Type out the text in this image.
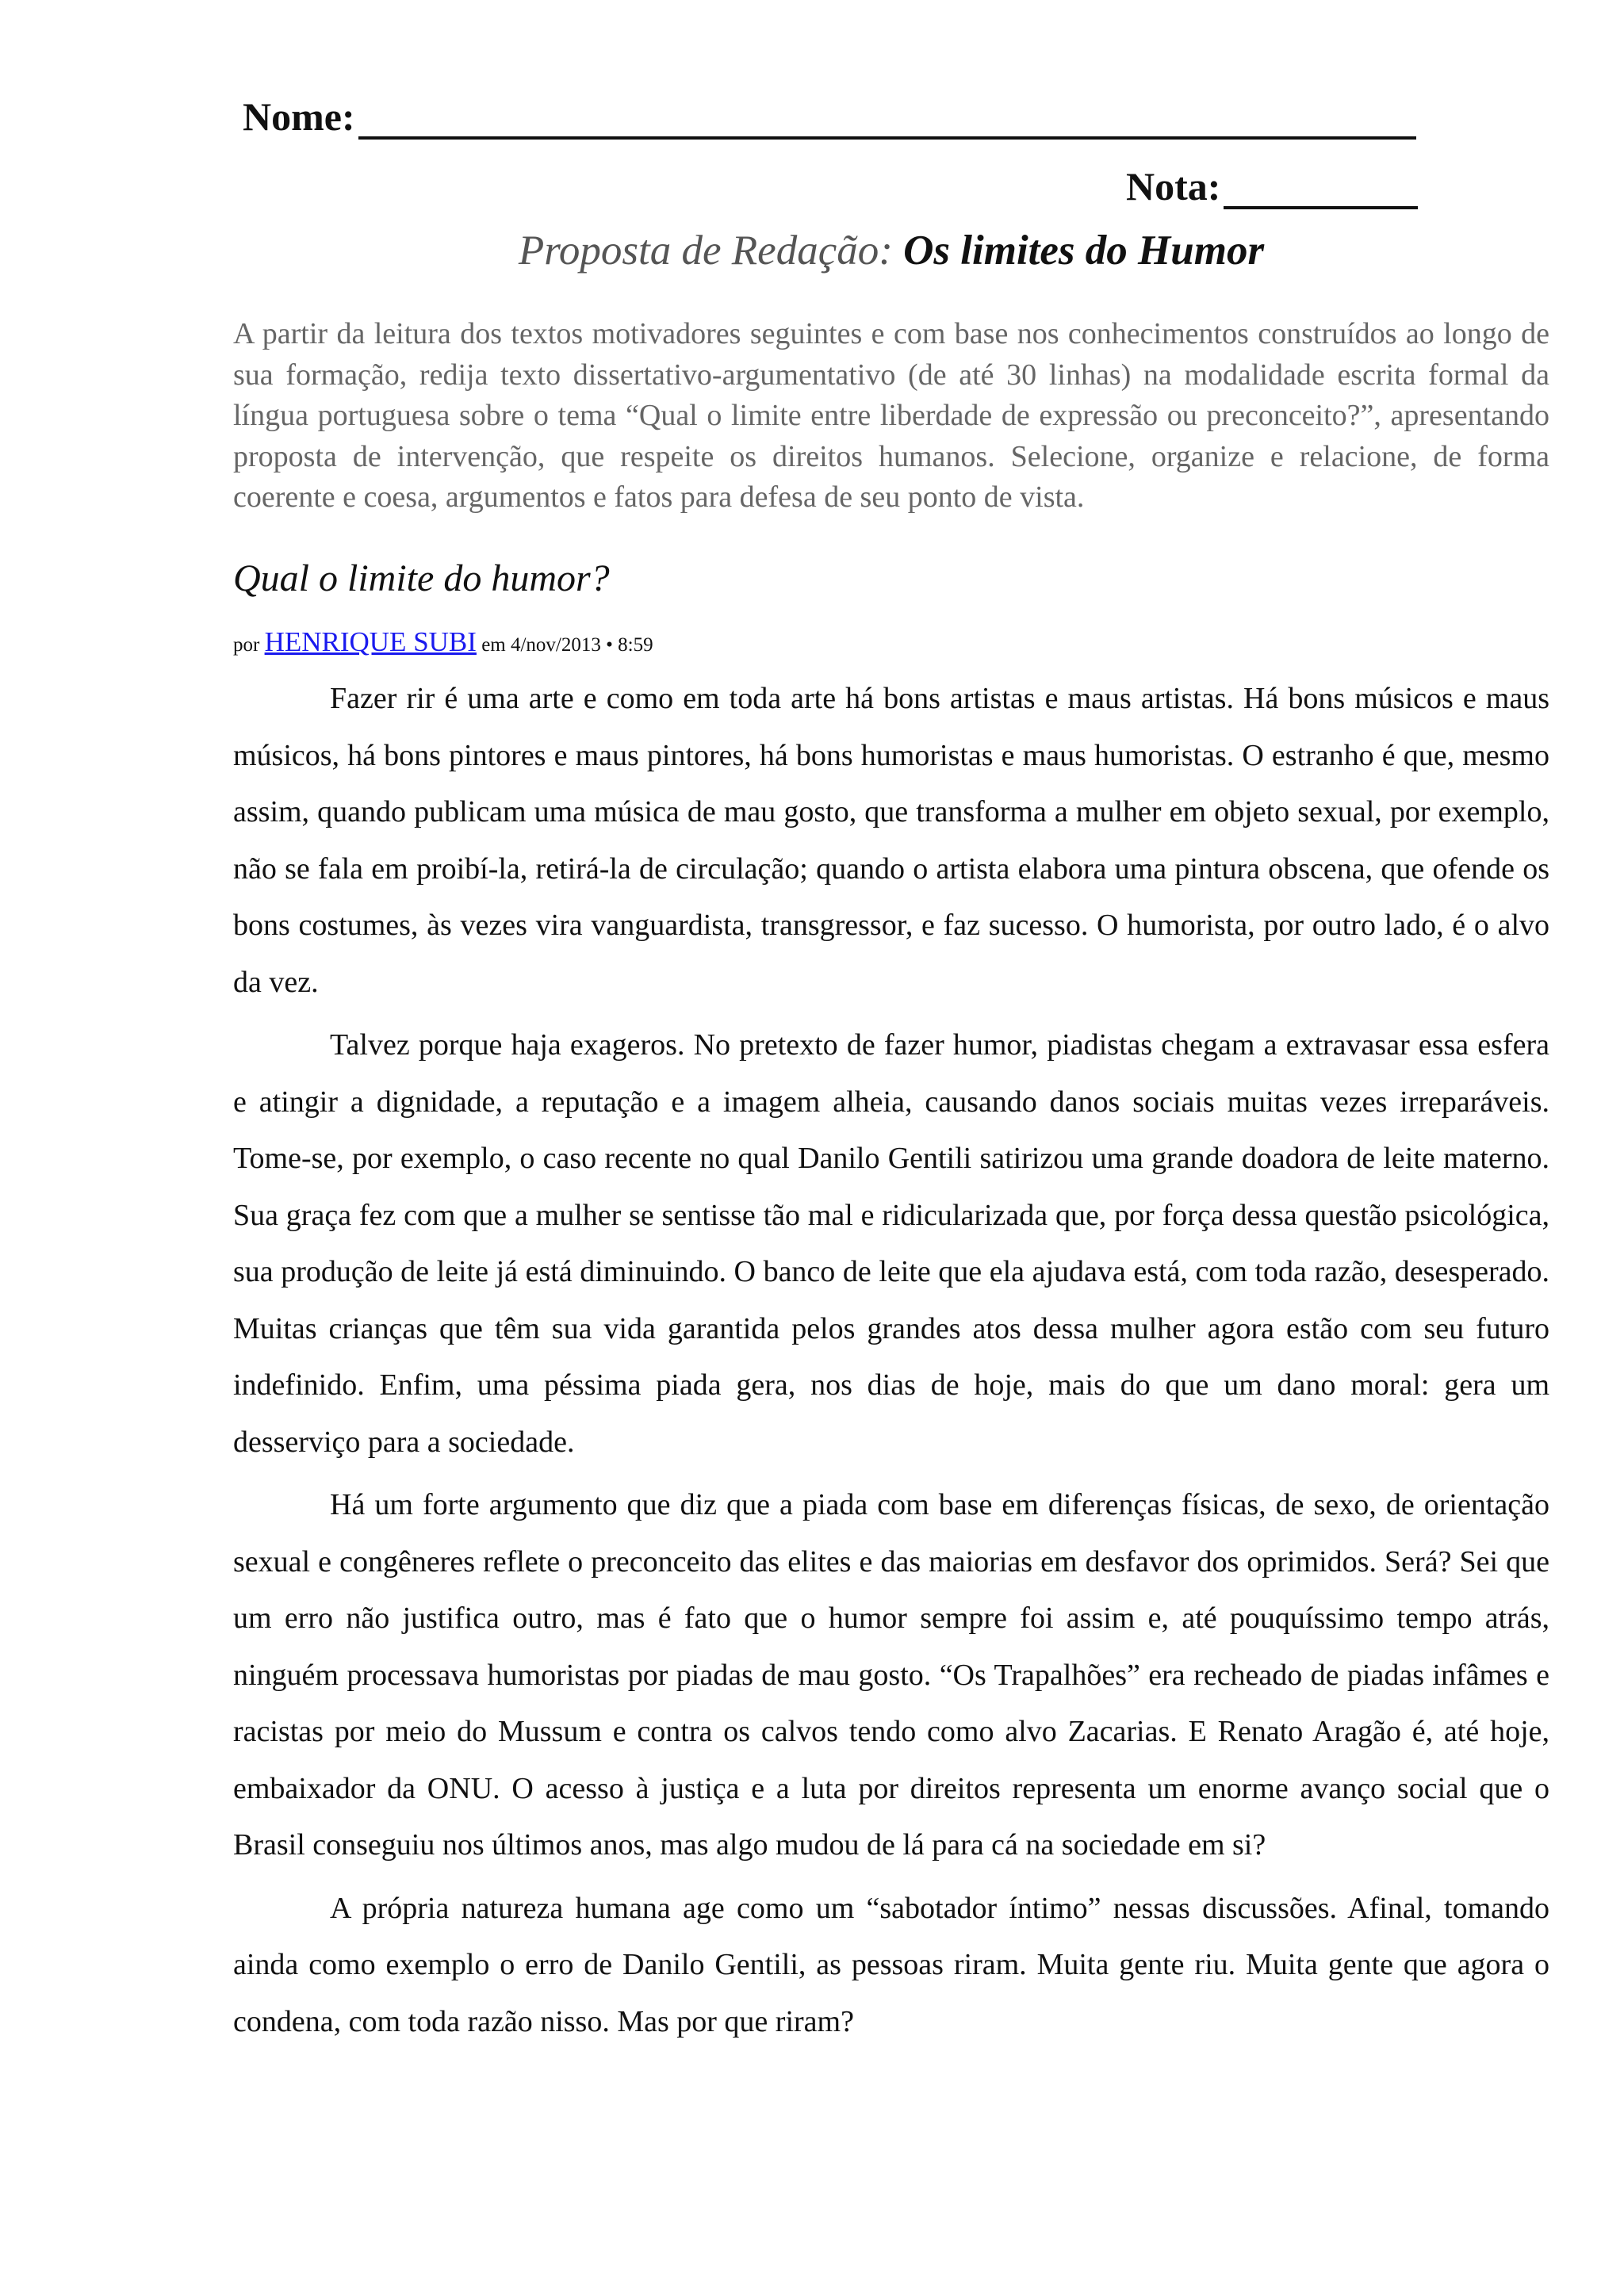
Nome:
Nota:
Proposta de Redação: Os limites do Humor

A partir da leitura dos textos motivadores seguintes e com base nos conhecimentos construídos ao longo de sua formação, redija texto dissertativo-argumentativo (de até 30 linhas) na modalidade escrita formal da língua portuguesa sobre o tema “Qual o limite entre liberdade de expressão ou preconceito?”, apresentando proposta de intervenção, que respeite os direitos humanos. Selecione, organize e relacione, de forma coerente e coesa, argumentos e fatos para defesa de seu ponto de vista.

Qual o limite do humor?
por HENRIQUE SUBI em 4/nov/2013 • 8:59

Fazer rir é uma arte e como em toda arte há bons artistas e maus artistas. Há bons músicos e maus músicos, há bons pintores e maus pintores, há bons humoristas e maus humoristas. O estranho é que, mesmo assim, quando publicam uma música de mau gosto, que transforma a mulher em objeto sexual, por exemplo, não se fala em proibí-la, retirá-la de circulação; quando o artista elabora uma pintura obscena, que ofende os bons costumes, às vezes vira vanguardista, transgressor, e faz sucesso. O humorista, por outro lado, é o alvo da vez.

Talvez porque haja exageros. No pretexto de fazer humor, piadistas chegam a extravasar essa esfera e atingir a dignidade, a reputação e a imagem alheia, causando danos sociais muitas vezes irreparáveis. Tome-se, por exemplo, o caso recente no qual Danilo Gentili satirizou uma grande doadora de leite materno. Sua graça fez com que a mulher se sentisse tão mal e ridicularizada que, por força dessa questão psicológica, sua produção de leite já está diminuindo. O banco de leite que ela ajudava está, com toda razão, desesperado. Muitas crianças que têm sua vida garantida pelos grandes atos dessa mulher agora estão com seu futuro indefinido. Enfim, uma péssima piada gera, nos dias de hoje, mais do que um dano moral: gera um desserviço para a sociedade.

Há um forte argumento que diz que a piada com base em diferenças físicas, de sexo, de orientação sexual e congêneres reflete o preconceito das elites e das maiorias em desfavor dos oprimidos. Será? Sei que um erro não justifica outro, mas é fato que o humor sempre foi assim e, até pouquíssimo tempo atrás, ninguém processava humoristas por piadas de mau gosto. “Os Trapalhões” era recheado de piadas infâmes e racistas por meio do Mussum e contra os calvos tendo como alvo Zacarias. E Renato Aragão é, até hoje, embaixador da ONU. O acesso à justiça e a luta por direitos representa um enorme avanço social que o Brasil conseguiu nos últimos anos, mas algo mudou de lá para cá na sociedade em si?

A própria natureza humana age como um “sabotador íntimo” nessas discussões. Afinal, tomando ainda como exemplo o erro de Danilo Gentili, as pessoas riram. Muita gente riu. Muita gente que agora o condena, com toda razão nisso. Mas por que riram?
